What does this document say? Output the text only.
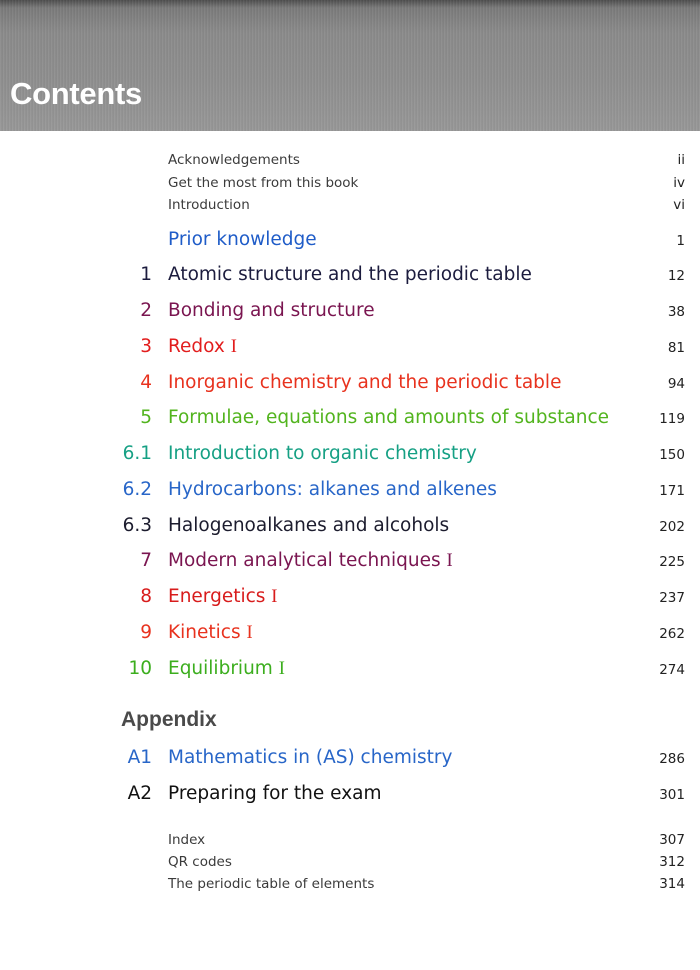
Contents
Acknowledgements	ii
Get the most from this book	iv
Introduction	vi
Prior knowledge	1
1 Atomic structure and the periodic table	12
2 Bonding and structure	38
3 Redox I	81
4 Inorganic chemistry and the periodic table	94
5 Formulae, equations and amounts of substance	119
6.1 Introduction to organic chemistry	150
6.2 Hydrocarbons: alkanes and alkenes	171
6.3 Halogenoalkanes and alcohols	202
7 Modern analytical techniques I	225
8 Energetics I	237
9 Kinetics I	262
10 Equilibrium I	274
Appendix
A1 Mathematics in (AS) chemistry	286
A2 Preparing for the exam	301
Index	307
QR codes	312
The periodic table of elements	314
